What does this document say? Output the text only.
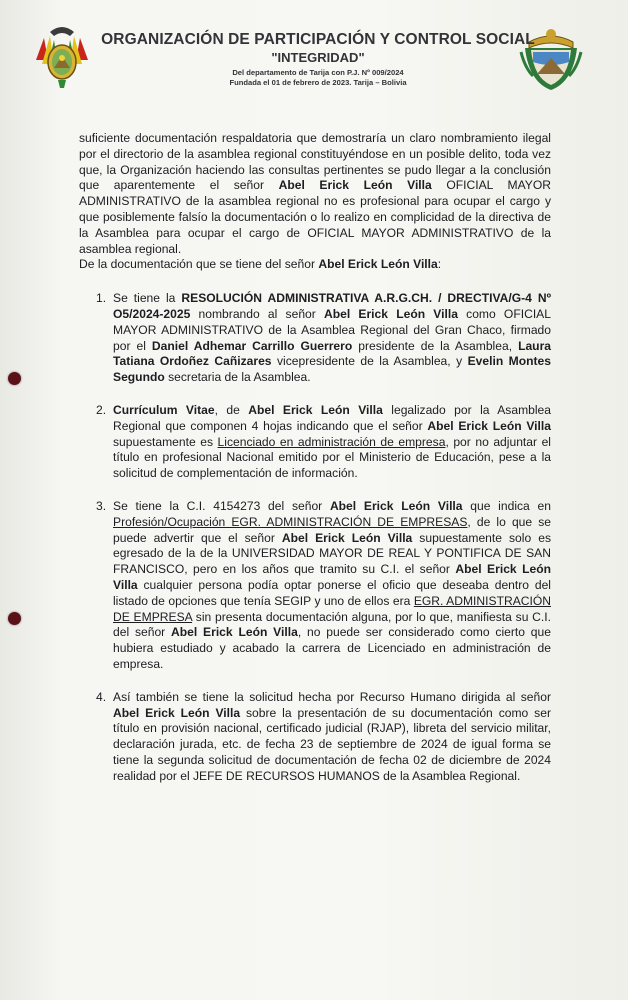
ORGANIZACIÓN DE PARTICIPACIÓN Y CONTROL SOCIAL

"INTEGRIDAD"

Del departamento de Tarija con P.J. Nº 009/2024

Fundada el 01 de febrero de 2023. Tarija – Bolivia

suficiente documentación respaldatoria que demostraría un claro nombramiento ilegal por el directorio de la asamblea regional constituyéndose en un posible delito, toda vez que, la Organización haciendo las consultas pertinentes se pudo llegar a la conclusión que aparentemente el señor Abel Erick León Villa OFICIAL MAYOR ADMINISTRATIVO de la asamblea regional no es profesional para ocupar el cargo y que posiblemente falsío la documentación o lo realizo en complicidad de la directiva de la Asamblea para ocupar el cargo de OFICIAL MAYOR ADMINISTRATIVO de la asamblea regional.

De la documentación que se tiene del señor Abel Erick León Villa:

1. Se tiene la RESOLUCIÓN ADMINISTRATIVA A.R.G.CH. / DRECTIVA/G-4 Nº O5/2024-2025 nombrando al señor Abel Erick León Villa como OFICIAL MAYOR ADMINISTRATIVO de la Asamblea Regional del Gran Chaco, firmado por el Daniel Adhemar Carrillo Guerrero presidente de la Asamblea, Laura Tatiana Ordoñez Cañizares vicepresidente de la Asamblea, y Evelin Montes Segundo secretaria de la Asamblea.
2. Currículum Vitae, de Abel Erick León Villa legalizado por la Asamblea Regional que componen 4 hojas indicando que el señor Abel Erick León Villa supuestamente es Licenciado en administración de empresa, por no adjuntar el título en profesional Nacional emitido por el Ministerio de Educación, pese a la solicitud de complementación de información.
3. Se tiene la C.I. 4154273 del señor Abel Erick León Villa que indica en Profesión/Ocupación EGR. ADMINISTRACIÓN DE EMPRESAS, de lo que se puede advertir que el señor Abel Erick León Villa supuestamente solo es egresado de la de la UNIVERSIDAD MAYOR DE REAL Y PONTIFICA DE SAN FRANCISCO, pero en los años que tramito su C.I. el señor Abel Erick León Villa cualquier persona podía optar ponerse el oficio que deseaba dentro del listado de opciones que tenía SEGIP y uno de ellos era EGR. ADMINISTRACIÓN DE EMPRESA sin presenta documentación alguna, por lo que, manifiesta su C.I. del señor Abel Erick León Villa, no puede ser considerado como cierto que hubiera estudiado y acabado la carrera de Licenciado en administración de empresa.
4. Así también se tiene la solicitud hecha por Recurso Humano dirigida al señor Abel Erick León Villa sobre la presentación de su documentación como ser título en provisión nacional, certificado judicial (RJAP), libreta del servicio militar, declaración jurada, etc. de fecha 23 de septiembre de 2024 de igual forma se tiene la segunda solicitud de documentación de fecha 02 de diciembre de 2024 realidad por el JEFE DE RECURSOS HUMANOS de la Asamblea Regional.
